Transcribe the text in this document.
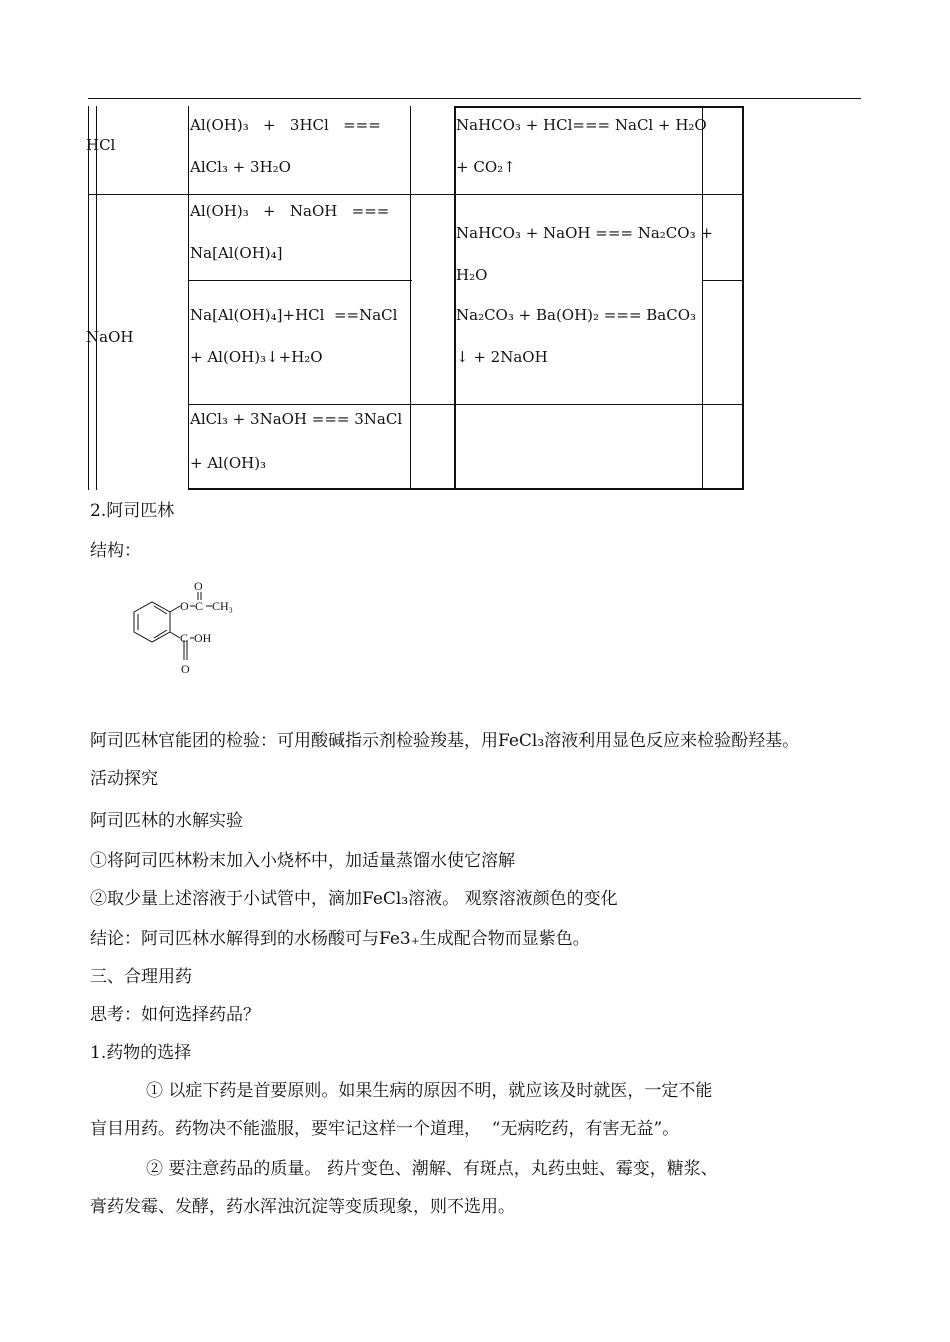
HCl
Al(OH)₃   +   3HCl   ===
AlCl₃ + 3H₂O
NaHCO₃ + HCl=== NaCl + H₂O
+ CO₂↑
NaOH
Al(OH)₃   +   NaOH   ===
Na[Al(OH)₄]
Na[Al(OH)₄]+HCl  ==NaCl
+ Al(OH)₃↓+H₂O
AlCl₃ + 3NaOH === 3NaCl
+ Al(OH)₃
NaHCO₃ + NaOH === Na₂CO₃ +
H₂O
Na₂CO₃ + Ba(OH)₂ === BaCO₃
↓ + 2NaOH
2.阿司匹林
结构：
O C
O
CH₃
C OH
O
阿司匹林官能团的检验：可用酸碱指示剂检验羧基，用FeCl₃溶液利用显色反应来检验酚羟基。
活动探究
阿司匹林的水解实验
①将阿司匹林粉末加入小烧杯中，加适量蒸馏水使它溶解
②取少量上述溶液于小试管中，滴加FeCl₃溶液。 观察溶液颜色的变化
结论：阿司匹林水解得到的水杨酸可与Fe3₊生成配合物而显紫色。
三、合理用药
思考：如何选择药品？
1.药物的选择
① 以症下药是首要原则。如果生病的原因不明，就应该及时就医，一定不能
盲目用药。药物决不能滥服，要牢记这样一个道理，  “无病吃药，有害无益”。
② 要注意药品的质量。 药片变色、潮解、有斑点，丸药虫蛀、霉变，糖浆、
膏药发霉、发酵，药水浑浊沉淀等变质现象，则不选用。
